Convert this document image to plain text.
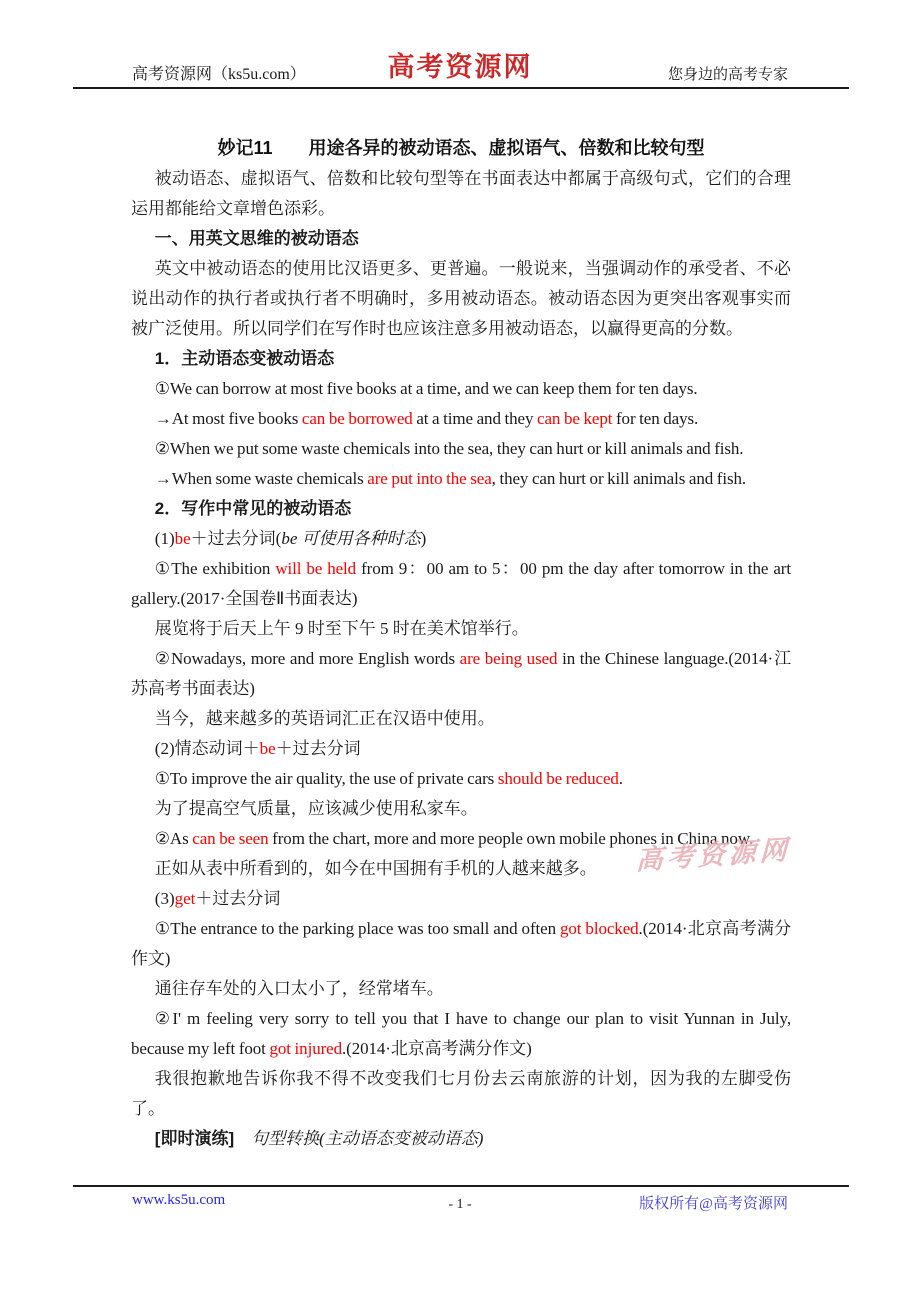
高考资源网（ks5u.com）	高考资源网	您身边的高考专家
妙记11　　用途各异的被动语态、虚拟语气、倍数和比较句型

被动语态、虚拟语气、倍数和比较句型等在书面表达中都属于高级句式，它们的合理运用都能给文章增色添彩。

一、用英文思维的被动语态

英文中被动语态的使用比汉语更多、更普遍。一般说来，当强调动作的承受者、不必说出动作的执行者或执行者不明确时，多用被动语态。被动语态因为更突出客观事实而被广泛使用。所以同学们在写作时也应该注意多用被动语态，以赢得更高的分数。

1．主动语态变被动语态

①We can borrow at most five books at a time, and we can keep them for ten days.

→At most five books can be borrowed at a time and they can be kept for ten days.

②When we put some waste chemicals into the sea, they can hurt or kill animals and fish.

→When some waste chemicals are put into the sea, they can hurt or kill animals and fish.

2．写作中常见的被动语态

(1)be＋过去分词(be 可使用各种时态)

①The exhibition will be held from 9：00 am to 5：00 pm the day after tomorrow in the art gallery.(2017·全国卷Ⅱ书面表达)

展览将于后天上午 9 时至下午 5 时在美术馆举行。

②Nowadays, more and more English words are being used in the Chinese language.(2014·江苏高考书面表达)

当今，越来越多的英语词汇正在汉语中使用。

(2)情态动词＋be＋过去分词

①To improve the air quality, the use of private cars should be reduced.

为了提高空气质量，应该减少使用私家车。

②As can be seen from the chart, more and more people own mobile phones in China now.

正如从表中所看到的，如今在中国拥有手机的人越来越多。

(3)get＋过去分词

①The entrance to the parking place was too small and often got blocked.(2014·北京高考满分作文)

通往存车处的入口太小了，经常堵车。

②I' m feeling very sorry to tell you that I have to change our plan to visit Yunnan in July, because my left foot got injured.(2014·北京高考满分作文)

我很抱歉地告诉你我不得不改变我们七月份去云南旅游的计划，因为我的左脚受伤了。

[即时演练]　 句型转换(主动语态变被动语态)

高考资源网
www.ks5u.com	版权所有@高考资源网
- 1 -
